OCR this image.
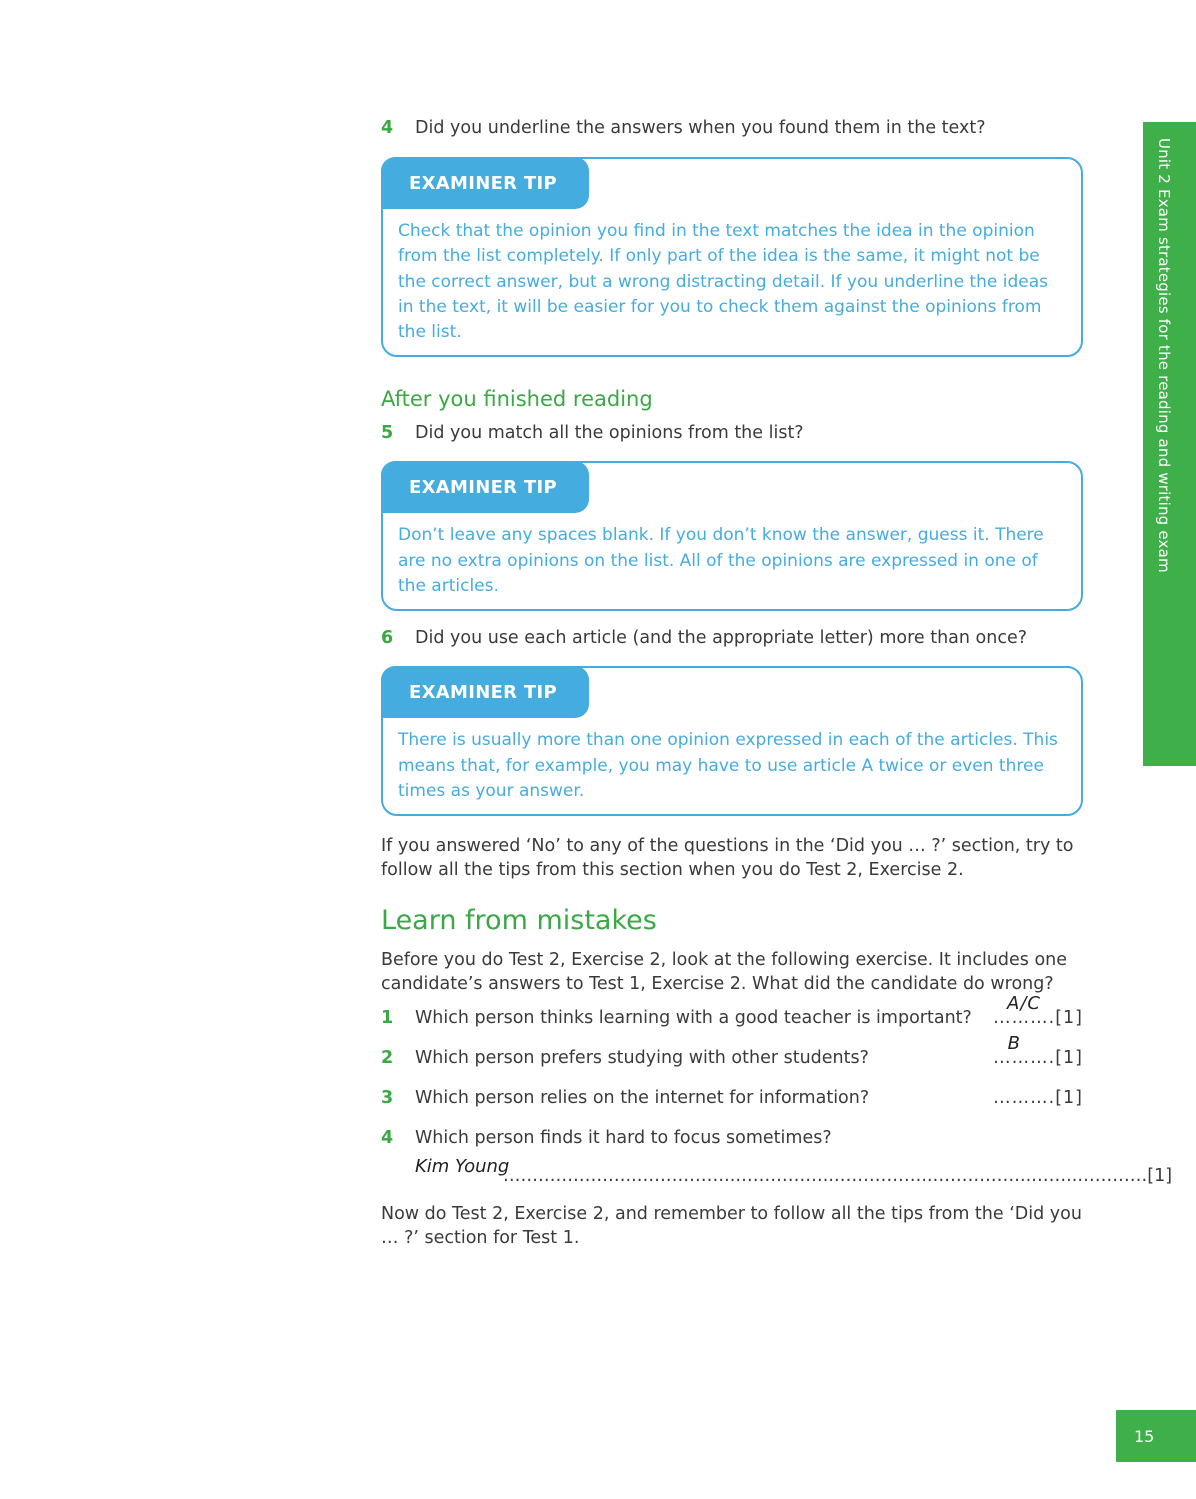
Unit 2 Exam strategies for the reading and writing exam
4 Did you underline the answers when you found them in the text?
EXAMINER TIP
Check that the opinion you find in the text matches the idea in the opinion from the list completely. If only part of the idea is the same, it might not be the correct answer, but a wrong distracting detail. If you underline the ideas in the text, it will be easier for you to check them against the opinions from the list.
After you finished reading
5 Did you match all the opinions from the list?
EXAMINER TIP
Don’t leave any spaces blank. If you don’t know the answer, guess it. There are no extra opinions on the list. All of the opinions are expressed in one of the articles.
6 Did you use each article (and the appropriate letter) more than once?
EXAMINER TIP
There is usually more than one opinion expressed in each of the articles. This means that, for example, you may have to use article A twice or even three times as your answer.
If you answered ‘No’ to any of the questions in the ‘Did you … ?’ section, try to follow all the tips from this section when you do Test 2, Exercise 2.
Learn from mistakes
Before you do Test 2, Exercise 2, look at the following exercise. It includes one candidate’s answers to Test 1, Exercise 2. What did the candidate do wrong?
1 Which person thinks learning with a good teacher is important?
A/C
……….[1]
2 Which person prefers studying with other students?
B
……….[1]
3 Which person relies on the internet for information?	……….[1]
4 Which person finds it hard to focus sometimes?
Kim Young
…………………..……………..……………..……………..……………..……..…………[1]
Now do Test 2, Exercise 2, and remember to follow all the tips from the ‘Did you … ?’ section for Test 1.
15
